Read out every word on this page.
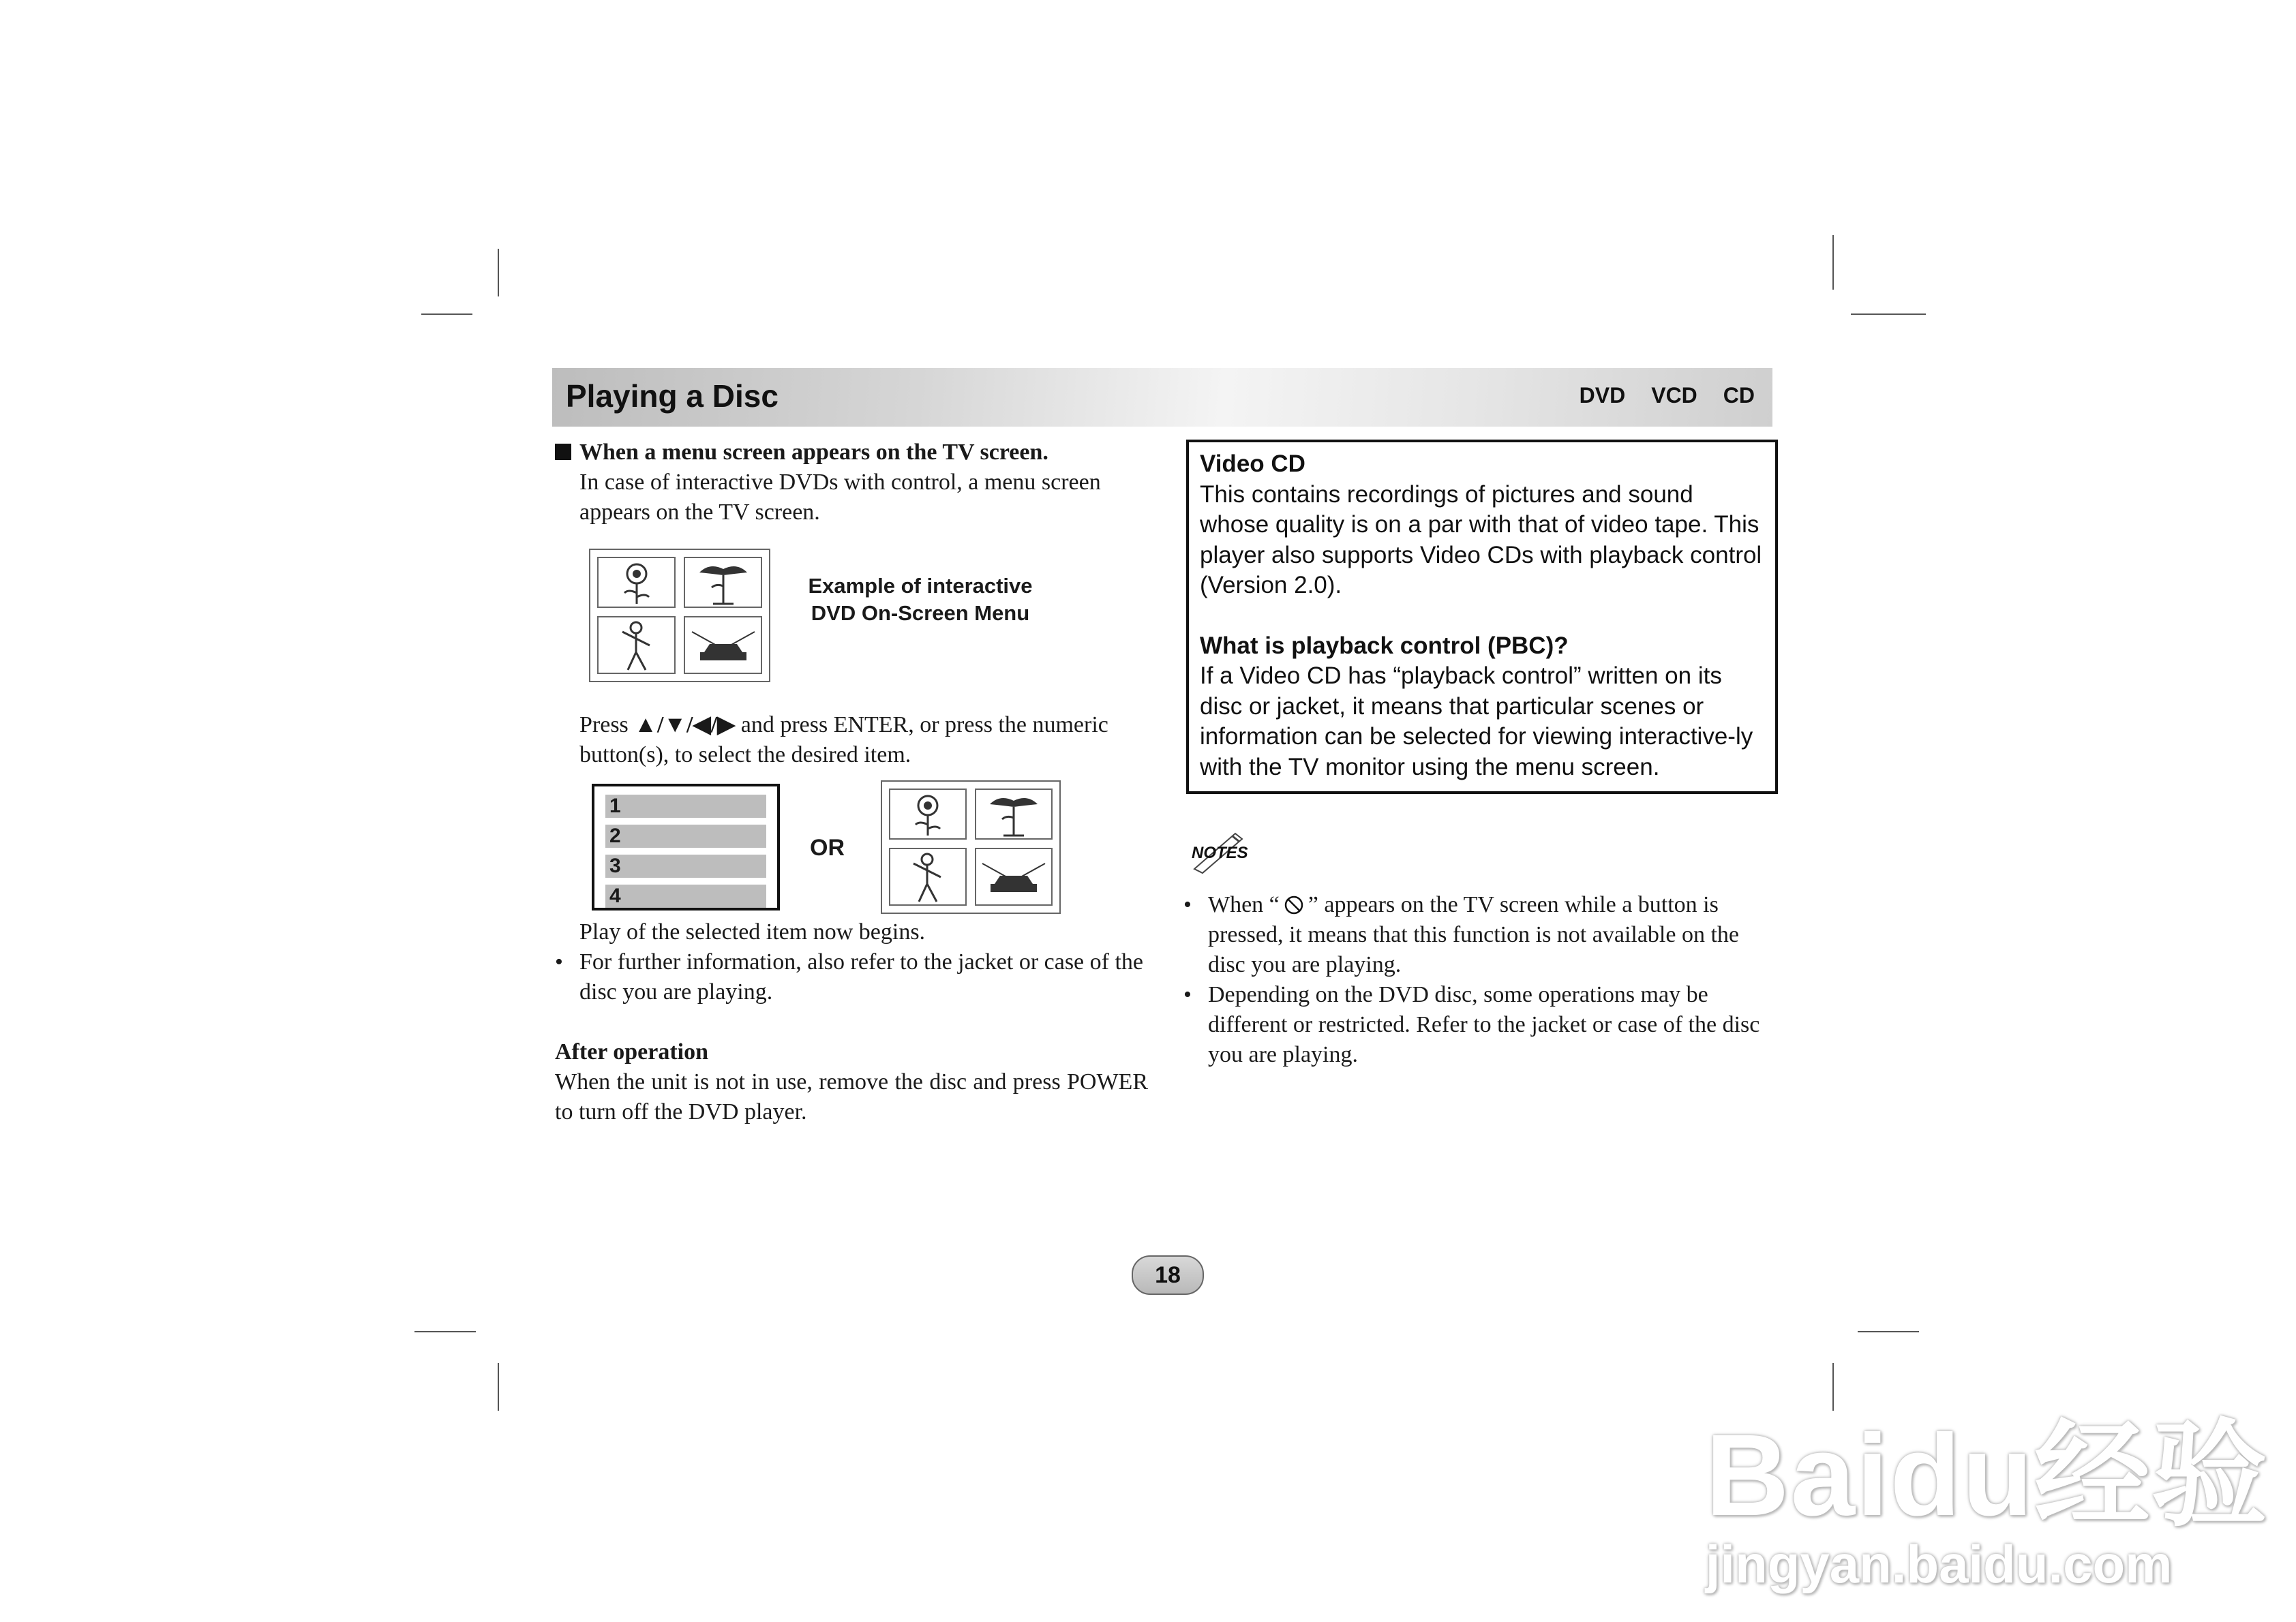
Playing a Disc	DVD VCD CD

When a menu screen appears on the TV screen.

In case of interactive DVDs with control, a menu screen appears on the TV screen.

Example of interactive
DVD On-Screen Menu

Press ▲/▼/◀/▶ and press ENTER, or press the numeric button(s), to select the desired item.

1
2
3
4
OR

Play of the selected item now begins.

• For further information, also refer to the jacket or case of the disc you are playing.

After operation

When the unit is not in use, remove the disc and press POWER to turn off the DVD player.

Video CD
This contains recordings of pictures and sound whose quality is on a par with that of video tape. This player also supports Video CDs with playback control (Version 2.0).
What is playback control (PBC)?
If a Video CD has “playback control” written on its disc or jacket, it means that particular scenes or information can be selected for viewing interactive-ly with the TV monitor using the menu screen.
NOTES
• When “ ” appears on the TV screen while a button is pressed, it means that this function is not available on the disc you are playing.
• Depending on the DVD disc, some operations may be different or restricted. Refer to the jacket or case of the disc you are playing.
18
Baidu经验
jingyan.baidu.com
